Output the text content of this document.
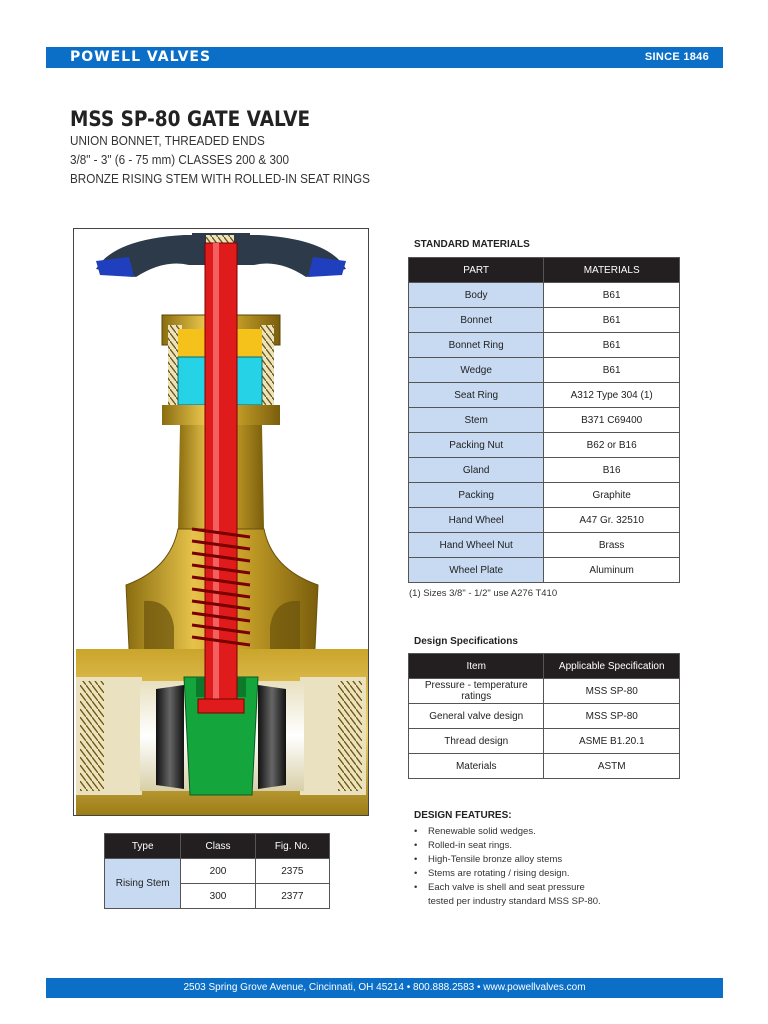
POWELL VALVES	SINCE 1846
MSS SP-80 GATE VALVE
UNION BONNET, THREADED ENDS
3/8" - 3" (6 - 75 mm) CLASSES 200 & 300
BRONZE RISING STEM WITH ROLLED-IN SEAT RINGS
Type	Class	Fig. No.
Rising Stem	200	2375
	300	2377
STANDARD MATERIALS
PART	MATERIALS
Body	B61
Bonnet	B61
Bonnet Ring	B61
Wedge	B61
Seat Ring	A312 Type 304 (1)
Stem	B371 C69400
Packing Nut	B62 or B16
Gland	B16
Packing	Graphite
Hand Wheel	A47 Gr. 32510
Hand Wheel Nut	Brass
Wheel Plate	Aluminum
(1) Sizes 3/8" - 1/2" use A276 T410
Design Specifications
Item	Applicable Specification
Pressure - temperature ratings	MSS SP-80
General valve design	MSS SP-80
Thread design	ASME B1.20.1
Materials	ASTM
DESIGN FEATURES:
• Renewable solid wedges.
• Rolled-in seat rings.
• High-Tensile bronze alloy stems
• Stems are rotating / rising design.
• Each valve is shell and seat pressure
tested per industry standard MSS SP-80.
2503 Spring Grove Avenue, Cincinnati, OH 45214 • 800.888.2583 • www.powellvalves.com
